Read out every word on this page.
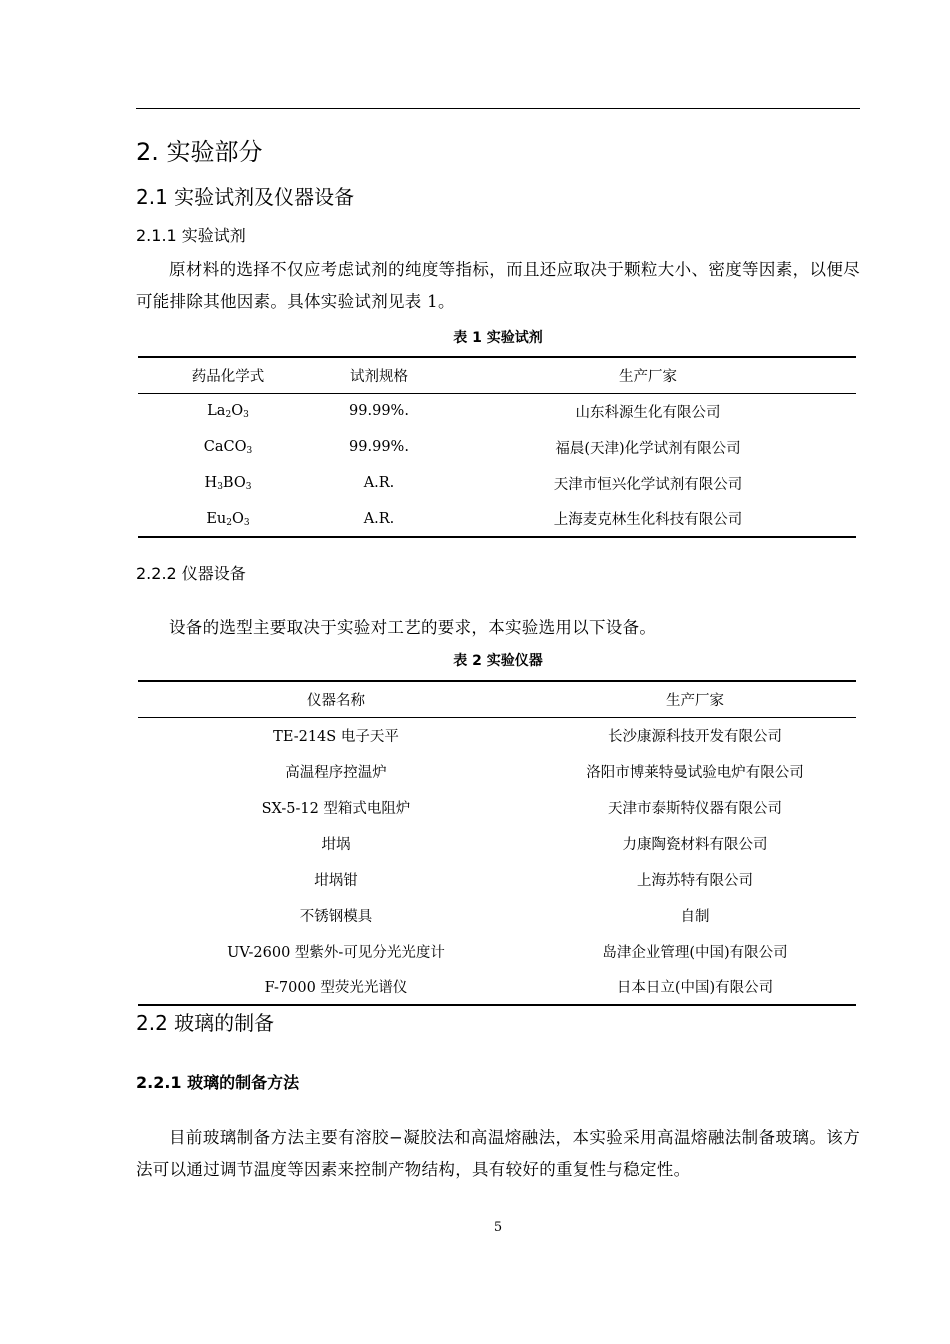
2. 实验部分
2.1 实验试剂及仪器设备
2.1.1 实验试剂
原材料的选择不仅应考虑试剂的纯度等指标，而且还应取决于颗粒大小、密度等因素，以便尽可能排除其他因素。具体实验试剂见表 1。
表 1 实验试剂
药品化学式	试剂规格	生产厂家
$La_2O_3$	99.99%.	山东科源生化有限公司
CaCO$_3$	99.99%.	福晨(天津)化学试剂有限公司
$H_3BO_3$	A.R.	天津市恒兴化学试剂有限公司
$Eu_2O_3$	A.R.	上海麦克林生化科技有限公司
2.2.2 仪器设备
设备的选型主要取决于实验对工艺的要求，本实验选用以下设备。
表 2 实验仪器
仪器名称	生产厂家
TE-214S 电子天平	长沙康源科技开发有限公司
高温程序控温炉	洛阳市博莱特曼试验电炉有限公司
SX-5-12 型箱式电阻炉	天津市泰斯特仪器有限公司
坩埚	力康陶瓷材料有限公司
坩埚钳	上海苏特有限公司
不锈钢模具	自制
UV-2600 型紫外-可见分光光度计	岛津企业管理(中国)有限公司
F-7000 型荧光光谱仪	日本日立(中国)有限公司
2.2 玻璃的制备
2.2.1 玻璃的制备方法
目前玻璃制备方法主要有溶胶−凝胶法和高温熔融法，本实验采用高温熔融法制备玻璃。该方法可以通过调节温度等因素来控制产物结构，具有较好的重复性与稳定性。
5
